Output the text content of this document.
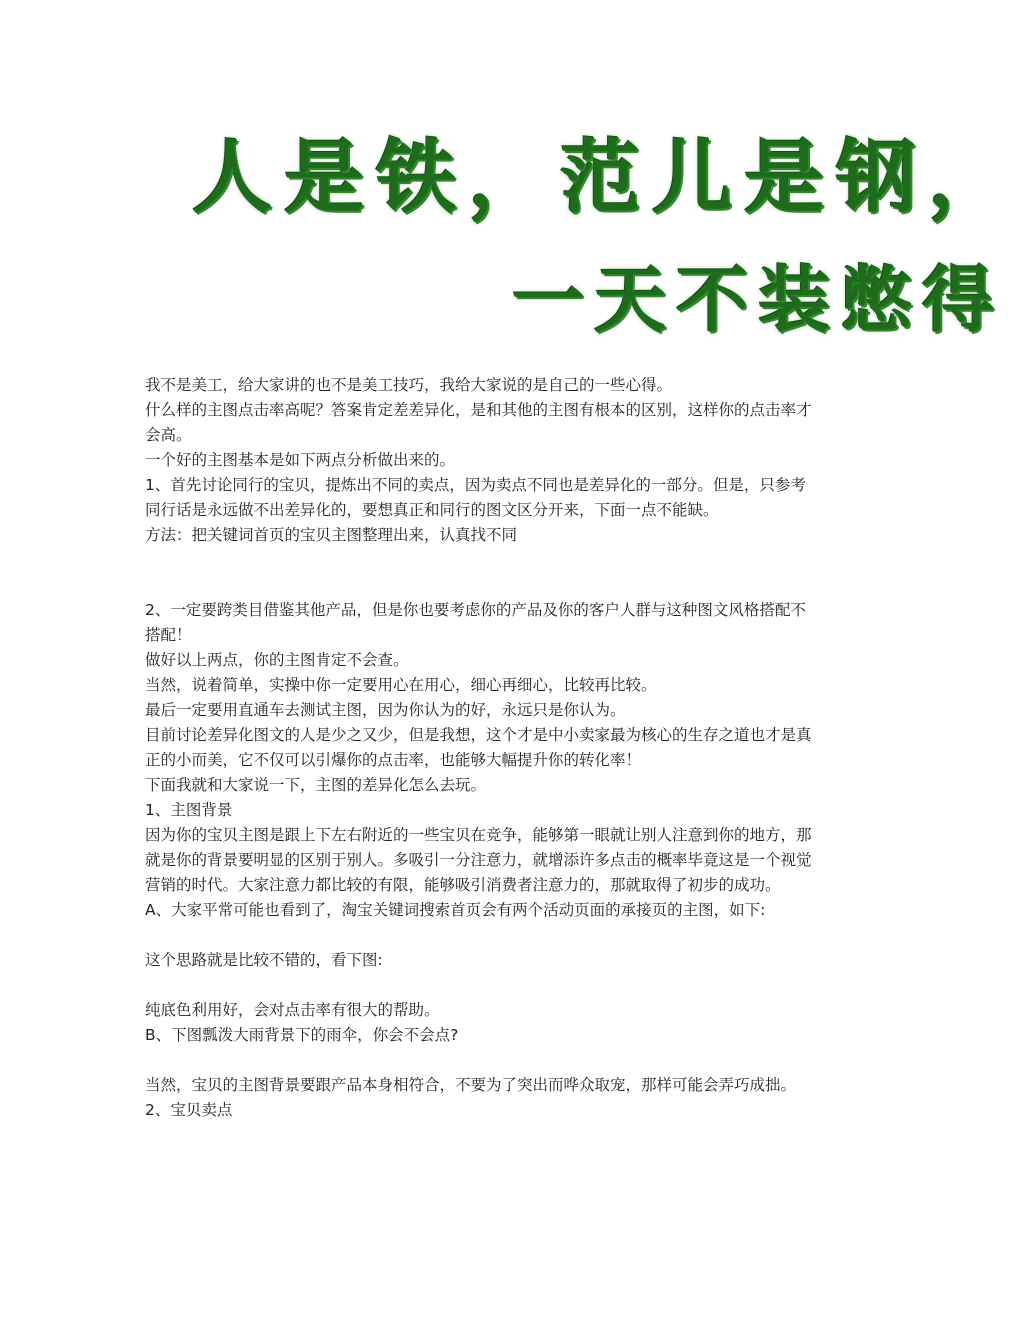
人是铁，范儿是钢，
一天不装憋得

我不是美工，给大家讲的也不是美工技巧，我给大家说的是自己的一些心得。

什么样的主图点击率高呢？答案肯定差差异化，是和其他的主图有根本的区别，这样你的点击率才会高。

一个好的主图基本是如下两点分析做出来的。

1、首先讨论同行的宝贝，提炼出不同的卖点，因为卖点不同也是差异化的一部分。但是，只参考同行话是永远做不出差异化的，要想真正和同行的图文区分开来，下面一点不能缺。

方法：把关键词首页的宝贝主图整理出来，认真找不同

2、一定要跨类目借鉴其他产品，但是你也要考虑你的产品及你的客户人群与这种图文风格搭配不搭配！

做好以上两点，你的主图肯定不会查。

当然，说着简单，实操中你一定要用心在用心，细心再细心，比较再比较。

最后一定要用直通车去测试主图，因为你认为的好，永远只是你认为。

目前讨论差异化图文的人是少之又少，但是我想，这个才是中小卖家最为核心的生存之道也才是真正的小而美，它不仅可以引爆你的点击率，也能够大幅提升你的转化率！

下面我就和大家说一下，主图的差异化怎么去玩。

1、主图背景

因为你的宝贝主图是跟上下左右附近的一些宝贝在竞争，能够第一眼就让别人注意到你的地方，那就是你的背景要明显的区别于别人。多吸引一分注意力，就增添许多点击的概率毕竟这是一个视觉营销的时代。大家注意力都比较的有限，能够吸引消费者注意力的，那就取得了初步的成功。

A、大家平常可能也看到了，淘宝关键词搜索首页会有两个活动页面的承接页的主图，如下:

这个思路就是比较不错的，看下图:

纯底色利用好，会对点击率有很大的帮助。

B、下图瓢泼大雨背景下的雨伞，你会不会点?

当然，宝贝的主图背景要跟产品本身相符合，不要为了突出而哗众取宠，那样可能会弄巧成拙。

2、宝贝卖点
